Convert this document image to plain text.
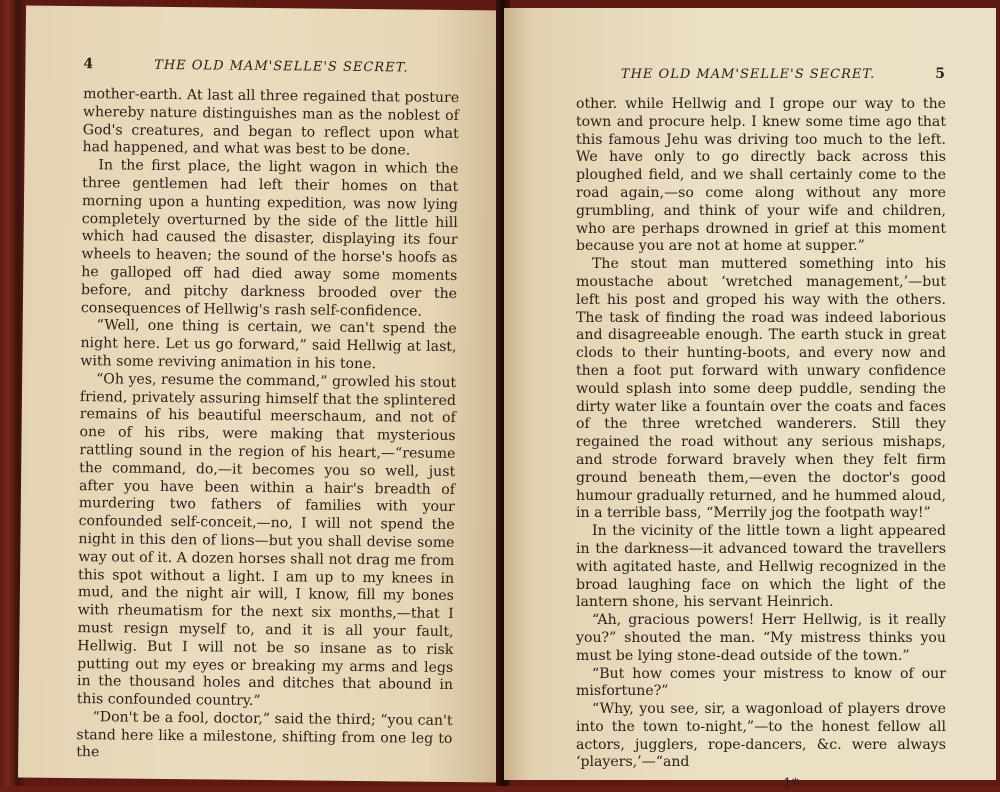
4	THE OLD MAM'SELLE'S SECRET.

mother-earth. At last all three regained that posture whereby nature distinguishes man as the noblest of God's creatures, and began to reflect upon what had happened, and what was best to be done.

In the first place, the light wagon in which the three gentlemen had left their homes on that morning upon a hunting expedition, was now lying completely overturned by the side of the little hill which had caused the disaster, displaying its four wheels to heaven; the sound of the horse's hoofs as he galloped off had died away some moments before, and pitchy darkness brooded over the consequences of Hellwig's rash self-confidence.

“Well, one thing is certain, we can't spend the night here. Let us go forward,” said Hellwig at last, with some reviving animation in his tone.

“Oh yes, resume the command,” growled his stout friend, privately assuring himself that the splintered remains of his beautiful meerschaum, and not of one of his ribs, were making that mysterious rattling sound in the region of his heart,—“resume the command, do,—it becomes you so well, just after you have been within a hair's breadth of murdering two fathers of families with your confounded self-conceit,—no, I will not spend the night in this den of lions—but you shall devise some way out of it. A dozen horses shall not drag me from this spot without a light. I am up to my knees in mud, and the night air will, I know, fill my bones with rheumatism for the next six months,—that I must resign myself to, and it is all your fault, Hellwig. But I will not be so insane as to risk putting out my eyes or breaking my arms and legs in the thousand holes and ditches that abound in this confounded country.”

“Don't be a fool, doctor,” said the third; “you can't stand here like a milestone, shifting from one leg to the

THE OLD MAM'SELLE'S SECRET.	5

other. while Hellwig and I grope our way to the town and procure help. I knew some time ago that this famous Jehu was driving too much to the left. We have only to go directly back across this ploughed field, and we shall certainly come to the road again,—so come along without any more grumbling, and think of your wife and children, who are perhaps drowned in grief at this moment because you are not at home at supper.”

The stout man muttered something into his moustache about ‘wretched management,’—but left his post and groped his way with the others. The task of finding the road was indeed laborious and disagreeable enough. The earth stuck in great clods to their hunting-boots, and every now and then a foot put forward with unwary confidence would splash into some deep puddle, sending the dirty water like a fountain over the coats and faces of the three wretched wanderers. Still they regained the road without any serious mishaps, and strode forward bravely when they felt firm ground beneath them,—even the doctor's good humour gradually returned, and he hummed aloud, in a terrible bass, “Merrily jog the footpath way!”

In the vicinity of the little town a light appeared in the darkness—it advanced toward the travellers with agitated haste, and Hellwig recognized in the broad laughing face on which the light of the lantern shone, his servant Heinrich.

“Ah, gracious powers! Herr Hellwig, is it really you?” shouted the man. “My mistress thinks you must be lying stone-dead outside of the town.”

“But how comes your mistress to know of our misfortune?”

“Why, you see, sir, a wagonload of players drove into the town to-night,”—to the honest fellow all actors, jugglers, rope-dancers, &c. were always ‘players,’—“and

1*
